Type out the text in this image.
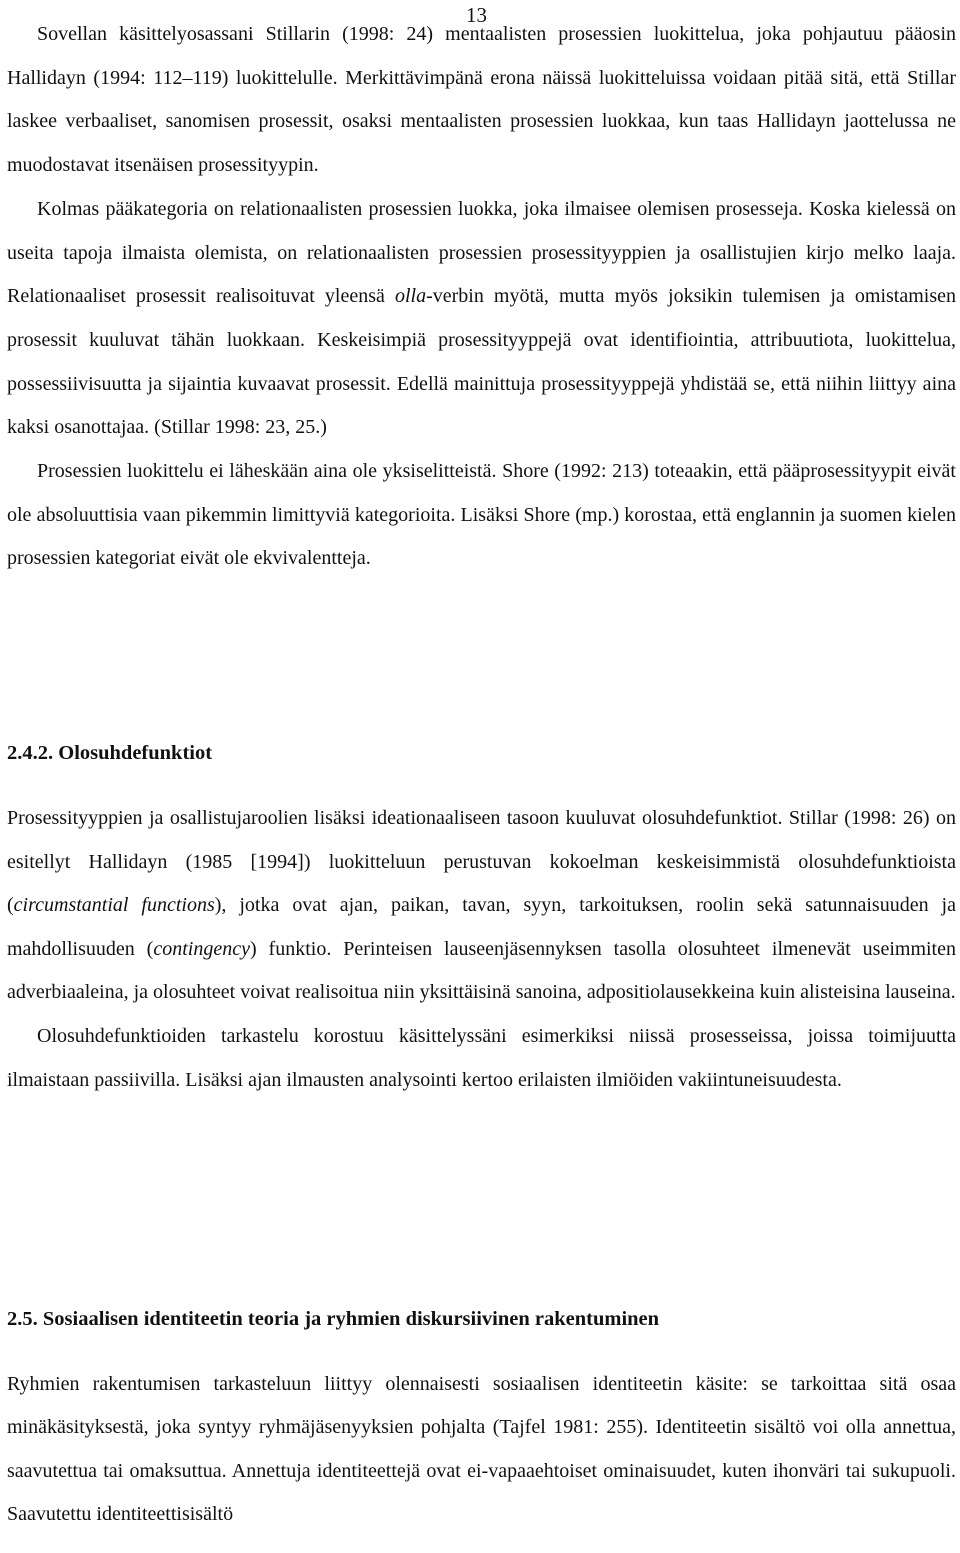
13

Sovellan käsittelyosassani Stillarin (1998: 24) mentaalisten prosessien luokittelua, joka pohjautuu pääosin Hallidayn (1994: 112–119) luokittelulle. Merkittävimpänä erona näissä luokitteluissa voidaan pitää sitä, että Stillar laskee verbaaliset, sanomisen prosessit, osaksi mentaalisten prosessien luokkaa, kun taas Hallidayn jaottelussa ne muodostavat itsenäisen prosessityypin.

Kolmas pääkategoria on relationaalisten prosessien luokka, joka ilmaisee olemisen prosesseja. Koska kielessä on useita tapoja ilmaista olemista, on relationaalisten prosessien prosessityyppien ja osallistujien kirjo melko laaja. Relationaaliset prosessit realisoituvat yleensä olla-verbin myötä, mutta myös joksikin tulemisen ja omistamisen prosessit kuuluvat tähän luokkaan. Keskeisimpiä prosessityyppejä ovat identifiointia, attribuutiota, luokittelua, possessiivisuutta ja sijaintia kuvaavat prosessit. Edellä mainittuja prosessityyppejä yhdistää se, että niihin liittyy aina kaksi osanottajaa. (Stillar 1998: 23, 25.)

Prosessien luokittelu ei läheskään aina ole yksiselitteistä. Shore (1992: 213) toteaakin, että pääprosessityypit eivät ole absoluuttisia vaan pikemmin limittyviä kategorioita. Lisäksi Shore (mp.) korostaa, että englannin ja suomen kielen prosessien kategoriat eivät ole ekvivalentteja.

2.4.2. Olosuhdefunktiot

Prosessityyppien ja osallistujaroolien lisäksi ideationaaliseen tasoon kuuluvat olosuhdefunktiot. Stillar (1998: 26) on esitellyt Hallidayn (1985 [1994]) luokitteluun perustuvan kokoelman keskeisimmistä olosuhdefunktioista (circumstantial functions), jotka ovat ajan, paikan, tavan, syyn, tarkoituksen, roolin sekä satunnaisuuden ja mahdollisuuden (contingency) funktio. Perinteisen lauseenjäsennyksen tasolla olosuhteet ilmenevät useimmiten adverbiaaleina, ja olosuhteet voivat realisoitua niin yksittäisinä sanoina, adpositiolausekkeina kuin alisteisina lauseina.

Olosuhdefunktioiden tarkastelu korostuu käsittelyssäni esimerkiksi niissä prosesseissa, joissa toimijuutta ilmaistaan passiivilla. Lisäksi ajan ilmausten analysointi kertoo erilaisten ilmiöiden vakiintuneisuudesta.

2.5. Sosiaalisen identiteetin teoria ja ryhmien diskursiivinen rakentuminen

Ryhmien rakentumisen tarkasteluun liittyy olennaisesti sosiaalisen identiteetin käsite: se tarkoittaa sitä osaa minäkäsityksestä, joka syntyy ryhmäjäsenyyksien pohjalta (Tajfel 1981: 255). Identiteetin sisältö voi olla annettua, saavutettua tai omaksuttua. Annettuja identiteettejä ovat ei-vapaaehtoiset ominaisuudet, kuten ihonväri tai sukupuoli. Saavutettu identiteettisisältö
